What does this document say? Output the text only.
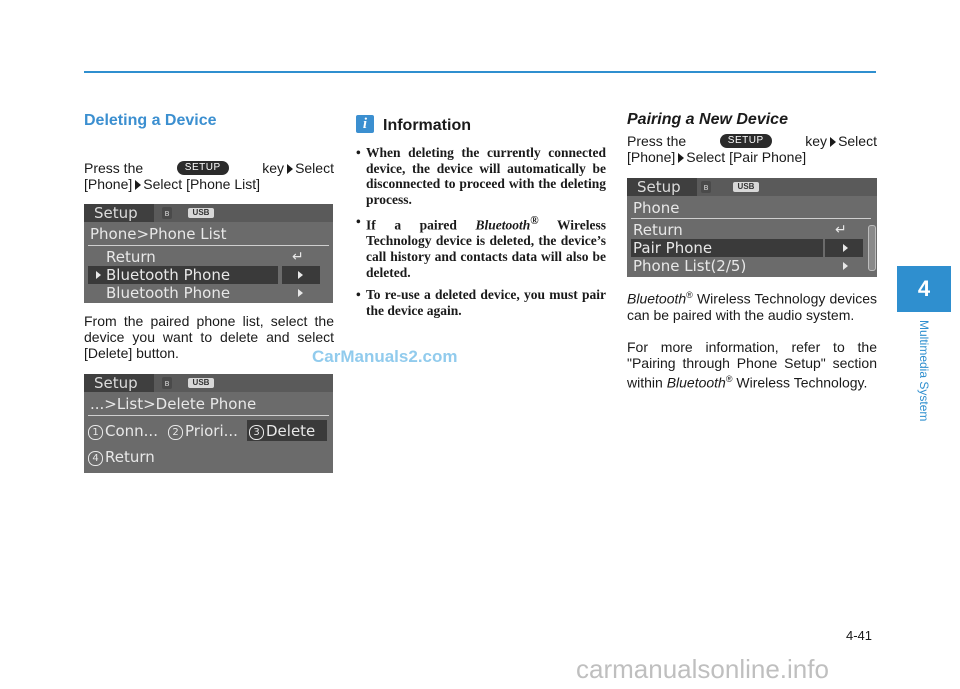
Deleting a Device
Press the	SETUP	key Select
[Phone] Select [Phone List]
Setup	ʙ	USB
Phone>Phone List
Return	↵
Bluetooth Phone
Bluetooth Phone
From the paired phone list, select the device you want to delete and select [Delete] button.
Setup	ʙ	USB
...>List>Delete Phone
1 Conn...	2 Priori...	3 Delete
4 Return
i Information
• When deleting the currently connected device, the device will automatically be disconnected to proceed with the deleting process.
• If a paired Bluetooth® Wireless Technology device is deleted, the device’s call history and contacts data will also be deleted.
• To re-use a deleted device, you must pair the device again.
Pairing a New Device
Press the	SETUP	key Select
[Phone] Select [Pair Phone]
Setup	ʙ	USB
Phone
Return	↵
Pair Phone
Phone List(2/5)
Bluetooth® Wireless Technology devices can be paired with the audio system.
For more information, refer to the "Pairing through Phone Setup" section within Bluetooth® Wireless Technology.
CarManuals2.com
4
Multimedia System
4-41
carmanualsonline.info
